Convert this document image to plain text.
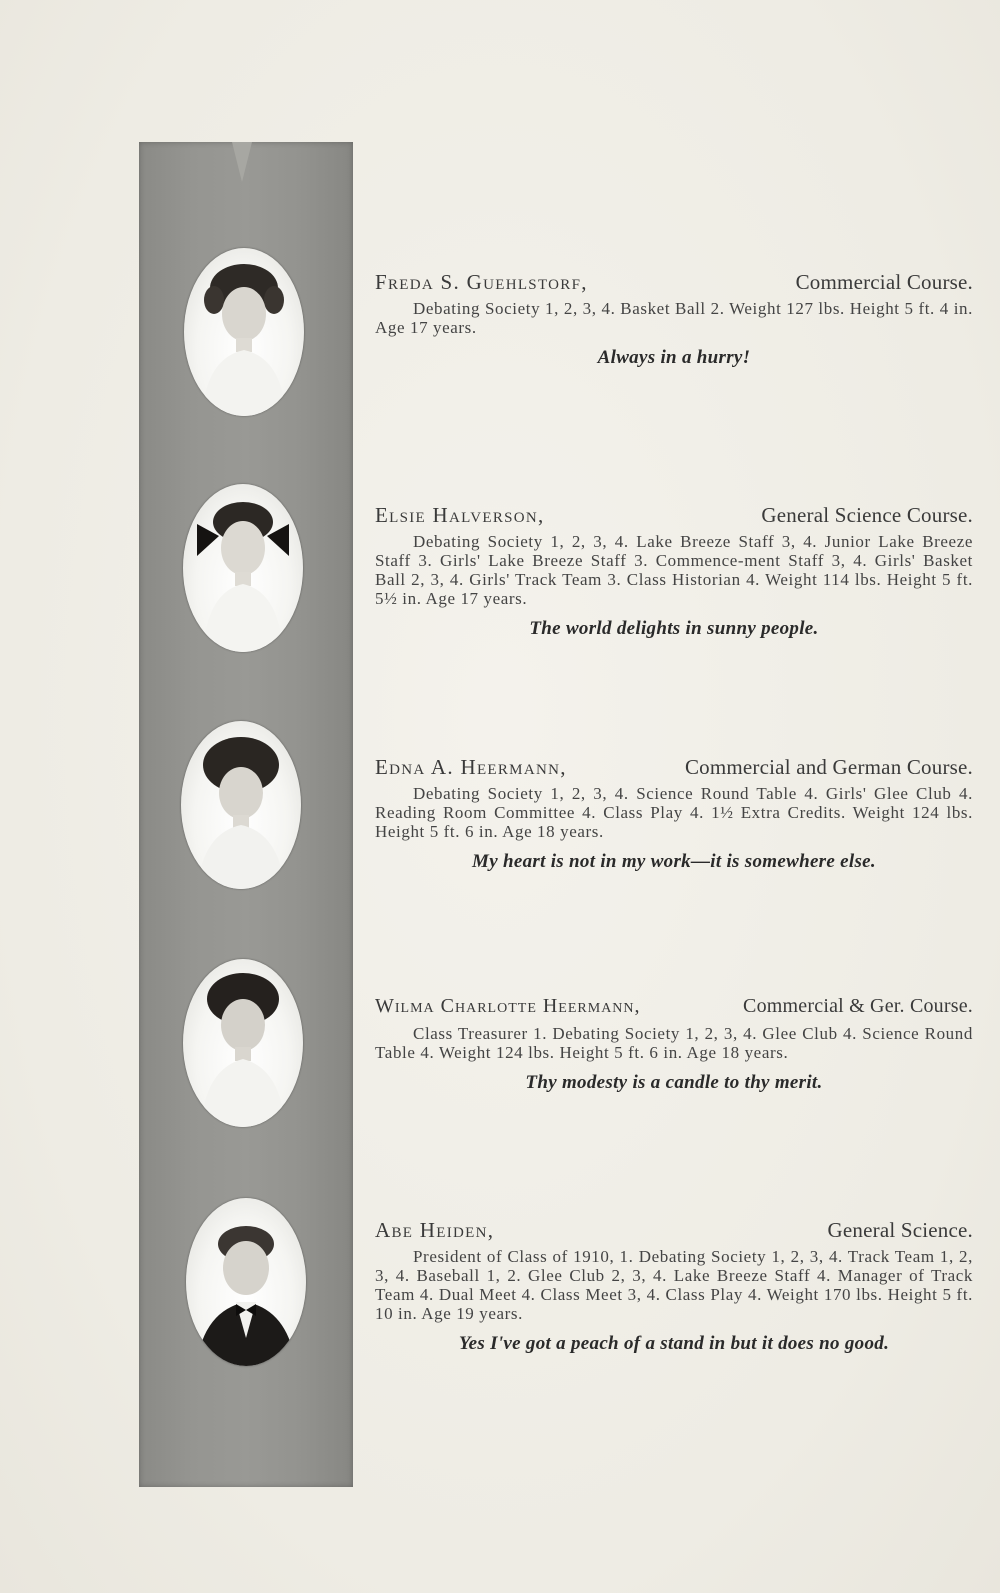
Freda S. Guehlstorf,	Commercial Course.
Debating Society 1, 2, 3, 4. Basket Ball 2. Weight 127 lbs. Height 5 ft. 4 in. Age 17 years.
Always in a hurry!
Elsie Halverson,	General Science Course.
Debating Society 1, 2, 3, 4. Lake Breeze Staff 3, 4. Junior Lake Breeze Staff 3. Girls' Lake Breeze Staff 3. Commence-ment Staff 3, 4. Girls' Basket Ball 2, 3, 4. Girls' Track Team 3. Class Historian 4. Weight 114 lbs. Height 5 ft. 5½ in. Age 17 years.
The world delights in sunny people.
Edna A. Heermann,	Commercial and German Course.
Debating Society 1, 2, 3, 4. Science Round Table 4. Girls' Glee Club 4. Reading Room Committee 4. Class Play 4. 1½ Extra Credits. Weight 124 lbs. Height 5 ft. 6 in. Age 18 years.
My heart is not in my work—it is somewhere else.
Wilma Charlotte Heermann,	Commercial & Ger. Course.
Class Treasurer 1. Debating Society 1, 2, 3, 4. Glee Club 4. Science Round Table 4. Weight 124 lbs. Height 5 ft. 6 in. Age 18 years.
Thy modesty is a candle to thy merit.
Abe Heiden,	General Science.
President of Class of 1910, 1. Debating Society 1, 2, 3, 4. Track Team 1, 2, 3, 4. Baseball 1, 2. Glee Club 2, 3, 4. Lake Breeze Staff 4. Manager of Track Team 4. Dual Meet 4. Class Meet 3, 4. Class Play 4. Weight 170 lbs. Height 5 ft. 10 in. Age 19 years.
Yes I've got a peach of a stand in but it does no good.
